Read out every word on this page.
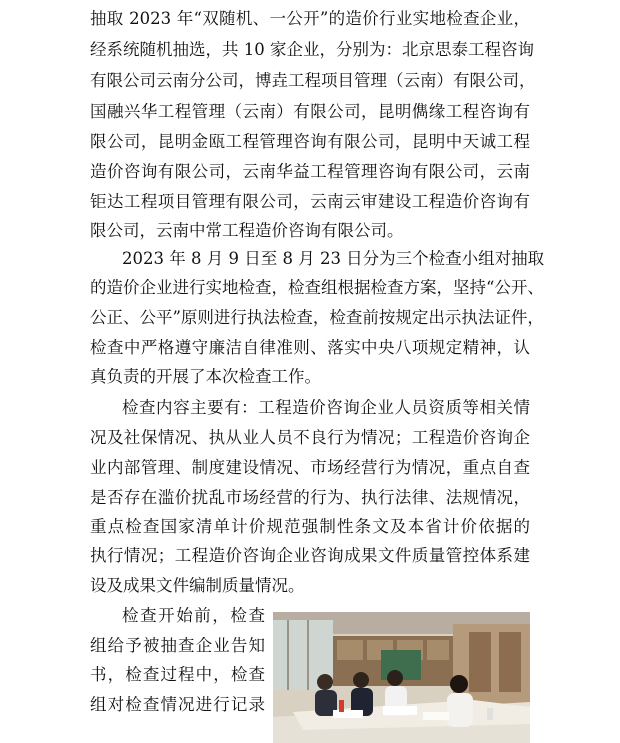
抽取 2023 年“双随机、一公开”的造价行业实地检查企业，
经系统随机抽选，共 10 家企业，分别为：北京思泰工程咨询
有限公司云南分公司，博垚工程项目管理（云南）有限公司，
国融兴华工程管理（云南）有限公司，昆明儁缘工程咨询有
限公司，昆明金瓯工程管理咨询有限公司，昆明中天诚工程
造价咨询有限公司，云南华益工程管理咨询有限公司，云南
钜达工程项目管理有限公司，云南云审建设工程造价咨询有
限公司，云南中常工程造价咨询有限公司。
2023 年 8 月 9 日至 8 月 23 日分为三个检查小组对抽取
的造价企业进行实地检查，检查组根据检查方案，坚持“公开、
公正、公平”原则进行执法检查，检查前按规定出示执法证件，
检查中严格遵守廉洁自律准则、落实中央八项规定精神，认
真负责的开展了本次检查工作。
检查内容主要有：工程造价咨询企业人员资质等相关情
况及社保情况、执从业人员不良行为情况；工程造价咨询企
业内部管理、制度建设情况、市场经营行为情况，重点自查
是否存在滥价扰乱市场经营的行为、执行法律、法规情况，
重点检查国家清单计价规范强制性条文及本省计价依据的
执行情况；工程造价咨询企业咨询成果文件质量管控体系建
设及成果文件编制质量情况。
检查开始前，检查
组给予被抽查企业告知
书，检查过程中，检查
组对检查情况进行记录
